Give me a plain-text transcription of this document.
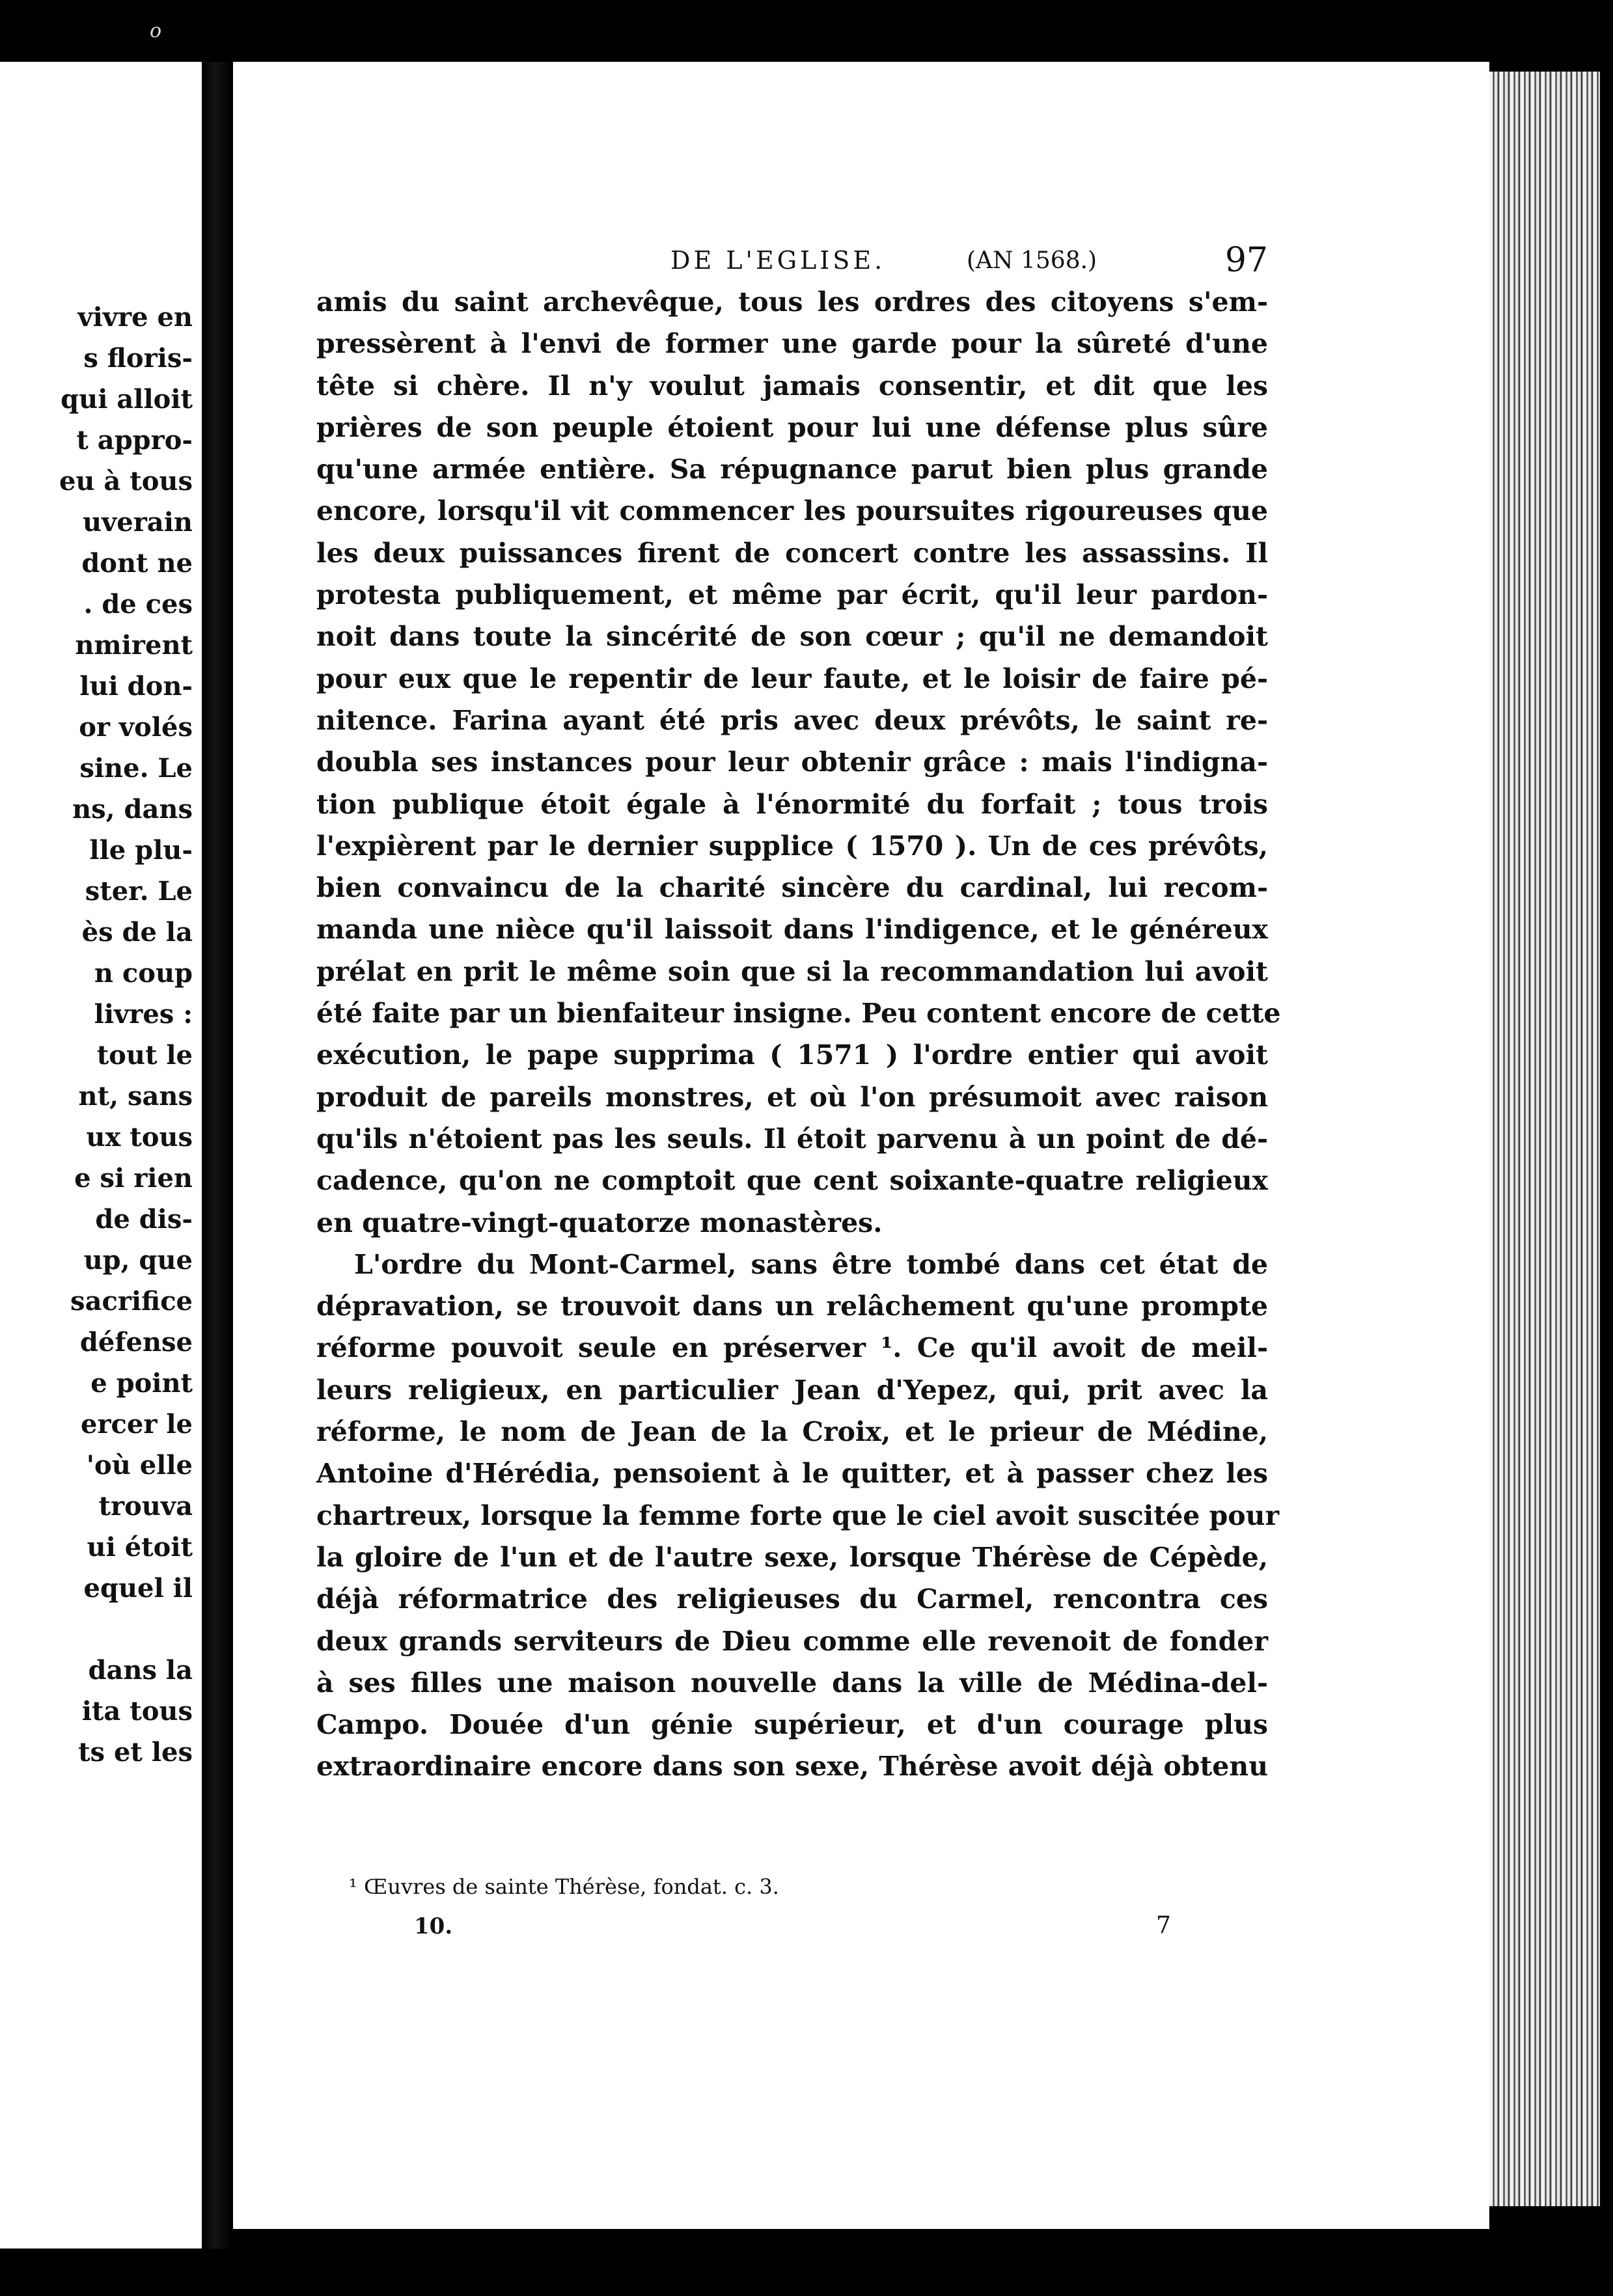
o
vivre en
s floris-
qui alloit
t appro-
eu à tous
uverain
dont ne
. de ces
nmirent
lui don-
or volés
sine. Le
ns, dans
lle plu-
ster. Le
ès de la
n coup
livres :
tout le
nt, sans
ux tous
e si rien
de dis-
up, que
sacrifice
défense
e point
ercer le
'où elle
trouva
ui étoit
equel il
dans la
ita tous
ts et les
DE L'EGLISE.	(AN 1568.)	97
amis du saint archevêque, tous les ordres des citoyens s'em-
pressèrent à l'envi de former une garde pour la sûreté d'une
tête si chère. Il n'y voulut jamais consentir, et dit que les
prières de son peuple étoient pour lui une défense plus sûre
qu'une armée entière. Sa répugnance parut bien plus grande
encore, lorsqu'il vit commencer les poursuites rigoureuses que
les deux puissances firent de concert contre les assassins. Il
protesta publiquement, et même par écrit, qu'il leur pardon-
noit dans toute la sincérité de son cœur ; qu'il ne demandoit
pour eux que le repentir de leur faute, et le loisir de faire pé-
nitence. Farina ayant été pris avec deux prévôts, le saint re-
doubla ses instances pour leur obtenir grâce : mais l'indigna-
tion publique étoit égale à l'énormité du forfait ; tous trois
l'expièrent par le dernier supplice ( 1570 ). Un de ces prévôts,
bien convaincu de la charité sincère du cardinal, lui recom-
manda une nièce qu'il laissoit dans l'indigence, et le généreux
prélat en prit le même soin que si la recommandation lui avoit
été faite par un bienfaiteur insigne. Peu content encore de cette
exécution, le pape supprima ( 1571 ) l'ordre entier qui avoit
produit de pareils monstres, et où l'on présumoit avec raison
qu'ils n'étoient pas les seuls. Il étoit parvenu à un point de dé-
cadence, qu'on ne comptoit que cent soixante-quatre religieux
en quatre-vingt-quatorze monastères.
L'ordre du Mont-Carmel, sans être tombé dans cet état de
dépravation, se trouvoit dans un relâchement qu'une prompte
réforme pouvoit seule en préserver ¹. Ce qu'il avoit de meil-
leurs religieux, en particulier Jean d'Yepez, qui, prit avec la
réforme, le nom de Jean de la Croix, et le prieur de Médine,
Antoine d'Hérédia, pensoient à le quitter, et à passer chez les
chartreux, lorsque la femme forte que le ciel avoit suscitée pour
la gloire de l'un et de l'autre sexe, lorsque Thérèse de Cépède,
déjà réformatrice des religieuses du Carmel, rencontra ces
deux grands serviteurs de Dieu comme elle revenoit de fonder
à ses filles une maison nouvelle dans la ville de Médina-del-
Campo. Douée d'un génie supérieur, et d'un courage plus
extraordinaire encore dans son sexe, Thérèse avoit déjà obtenu
¹ Œuvres de sainte Thérèse, fondat. c. 3.
10.	7
